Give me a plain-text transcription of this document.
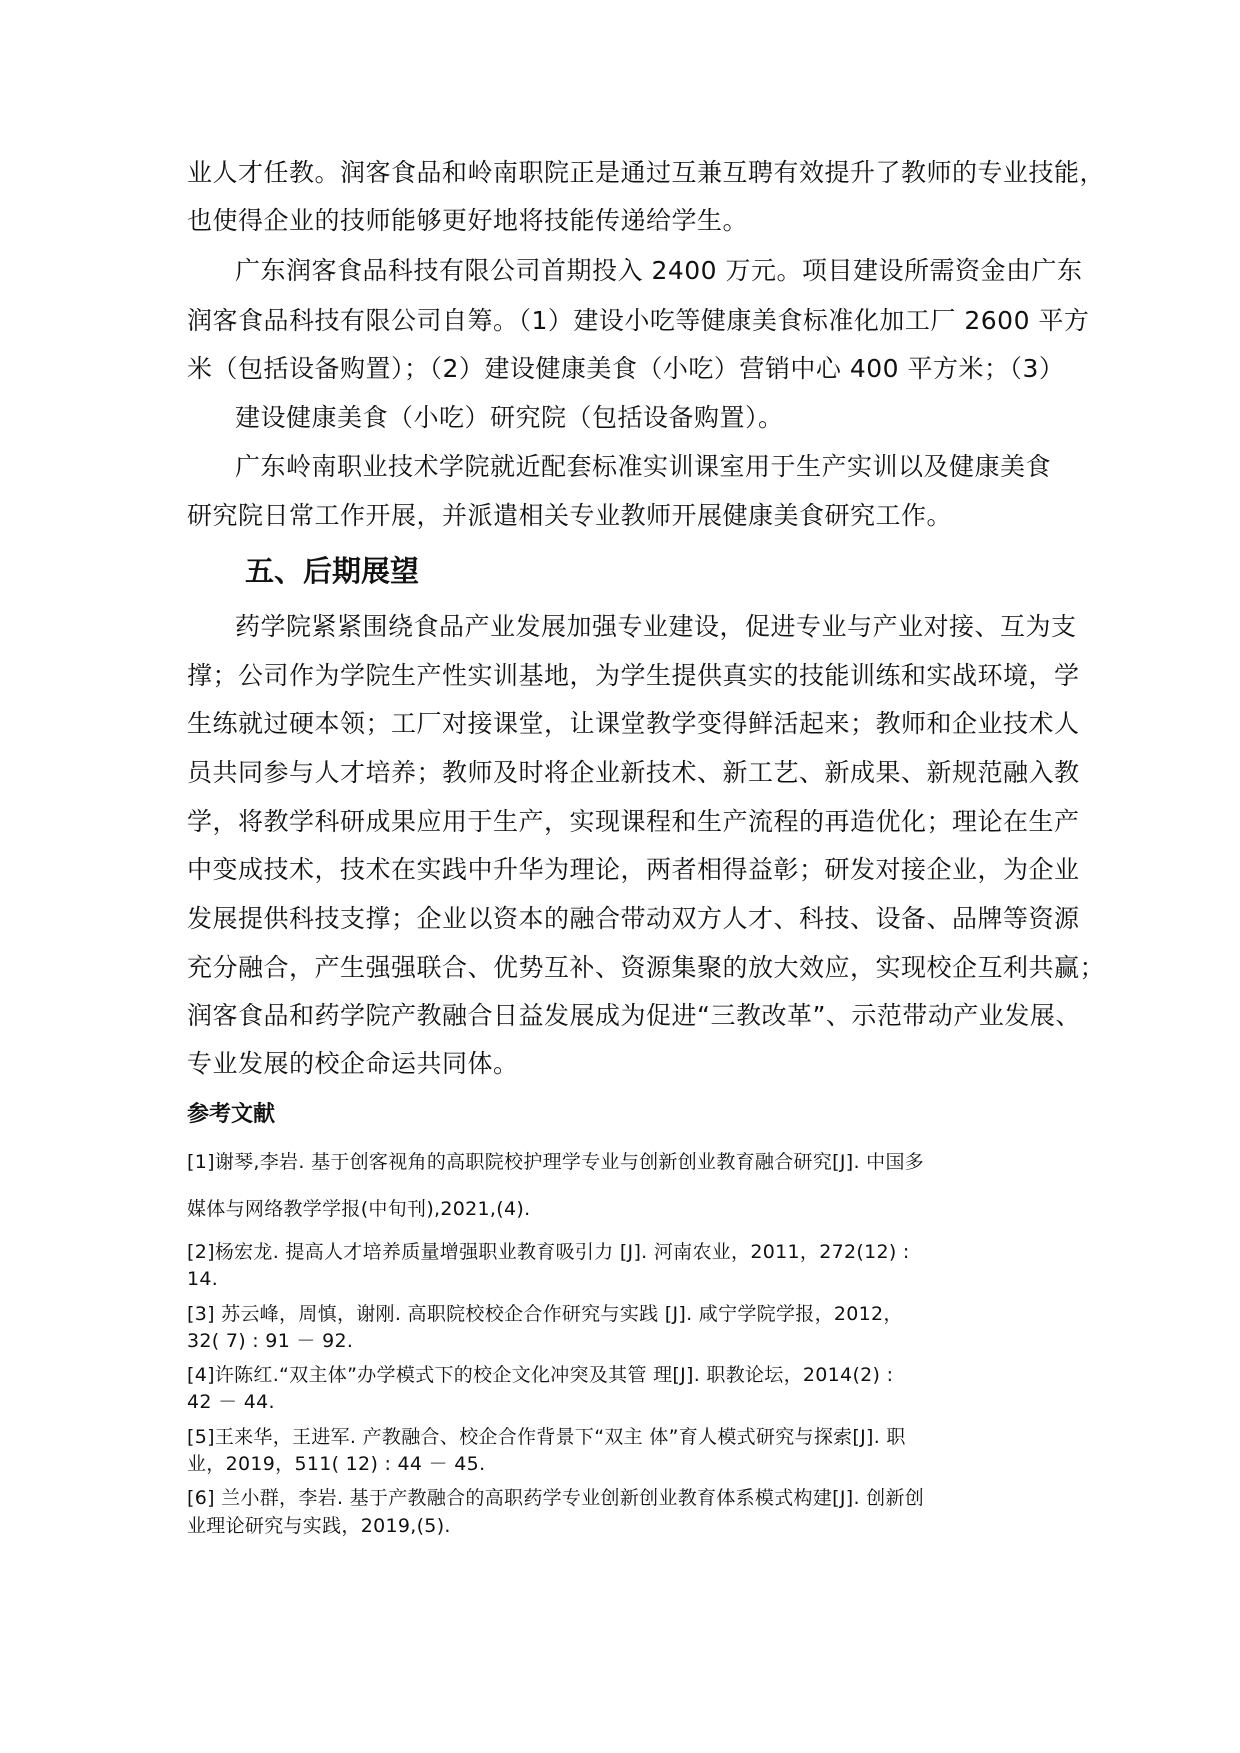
业人才任教。润客食品和岭南职院正是通过互兼互聘有效提升了教师的专业技能，
也使得企业的技师能够更好地将技能传递给学生。
广东润客食品科技有限公司首期投入 2400 万元。项目建设所需资金由广东
润客食品科技有限公司自筹。（1）建设小吃等健康美食标准化加工厂 2600 平方
米（包括设备购置）；（2）建设健康美食（小吃）营销中心 400 平方米；（3）
建设健康美食（小吃）研究院（包括设备购置）。
广东岭南职业技术学院就近配套标准实训课室用于生产实训以及健康美食
研究院日常工作开展，并派遣相关专业教师开展健康美食研究工作。
五、后期展望
药学院紧紧围绕食品产业发展加强专业建设，促进专业与产业对接、互为支
撑；公司作为学院生产性实训基地，为学生提供真实的技能训练和实战环境，学
生练就过硬本领；工厂对接课堂，让课堂教学变得鲜活起来；教师和企业技术人
员共同参与人才培养；教师及时将企业新技术、新工艺、新成果、新规范融入教
学，将教学科研成果应用于生产，实现课程和生产流程的再造优化；理论在生产
中变成技术，技术在实践中升华为理论，两者相得益彰；研发对接企业，为企业
发展提供科技支撑；企业以资本的融合带动双方人才、科技、设备、品牌等资源
充分融合，产生强强联合、优势互补、资源集聚的放大效应，实现校企互利共赢；
润客食品和药学院产教融合日益发展成为促进“三教改革”、示范带动产业发展、
专业发展的校企命运共同体。
参考文献
[1]谢琴,李岩. 基于创客视角的高职院校护理学专业与创新创业教育融合研究[J]. 中国多
媒体与网络教学学报(中旬刊),2021,(4).
[2]杨宏龙. 提高人才培养质量增强职业教育吸引力 [J]. 河南农业，2011，272(12) :
14.
[3] 苏云峰，周慎，谢刚. 高职院校校企合作研究与实践 [J]. 咸宁学院学报，2012，
32( 7) : 91 － 92.
[4]许陈红.“双主体”办学模式下的校企文化冲突及其管 理[J]. 职教论坛，2014(2) :
42 － 44.
[5]王来华，王进军. 产教融合、校企合作背景下“双主 体”育人模式研究与探索[J]. 职
业，2019，511( 12) : 44 － 45.
[6] 兰小群，李岩. 基于产教融合的高职药学专业创新创业教育体系模式构建[J]. 创新创
业理论研究与实践，2019,(5).
